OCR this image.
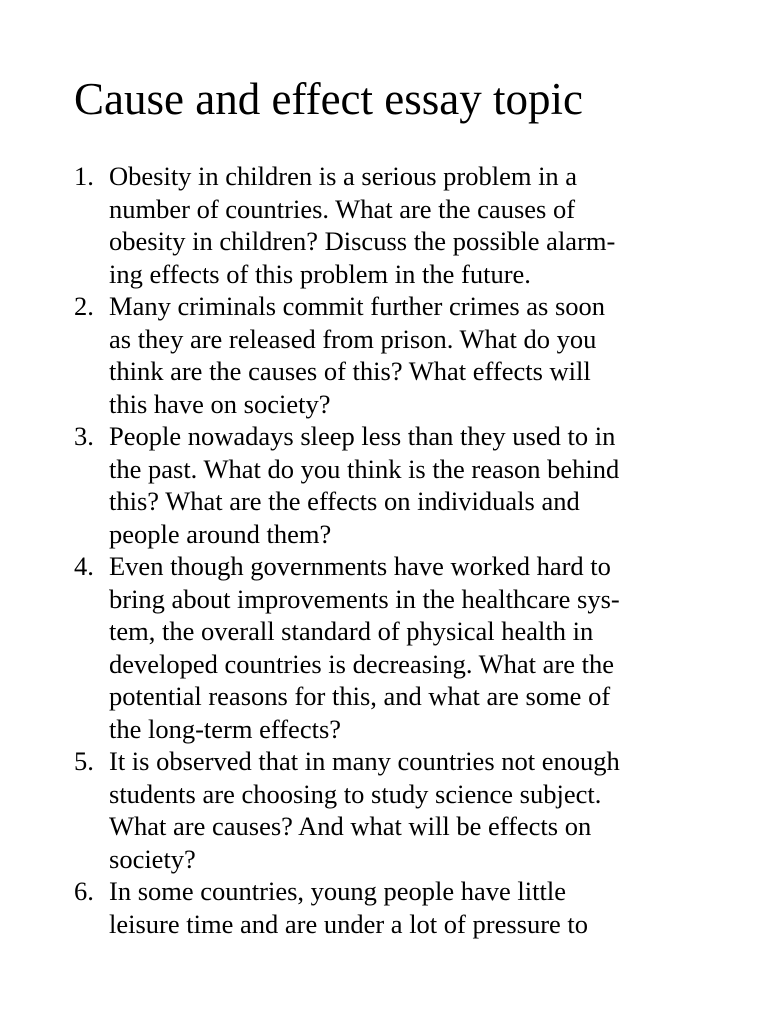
Cause and effect essay topic
1. Obesity in children is a serious problem in a
number of countries. What are the causes of
obesity in children? Discuss the possible alarm-
ing effects of this problem in the future.
2. Many criminals commit further crimes as soon
as they are released from prison. What do you
think are the causes of this? What effects will
this have on society?
3. People nowadays sleep less than they used to in
the past. What do you think is the reason behind
this? What are the effects on individuals and
people around them?
4. Even though governments have worked hard to
bring about improvements in the healthcare sys-
tem, the overall standard of physical health in
developed countries is decreasing. What are the
potential reasons for this, and what are some of
the long-term effects?
5. It is observed that in many countries not enough
students are choosing to study science subject.
What are causes? And what will be effects on
society?
6. In some countries, young people have little
leisure time and are under a lot of pressure to
